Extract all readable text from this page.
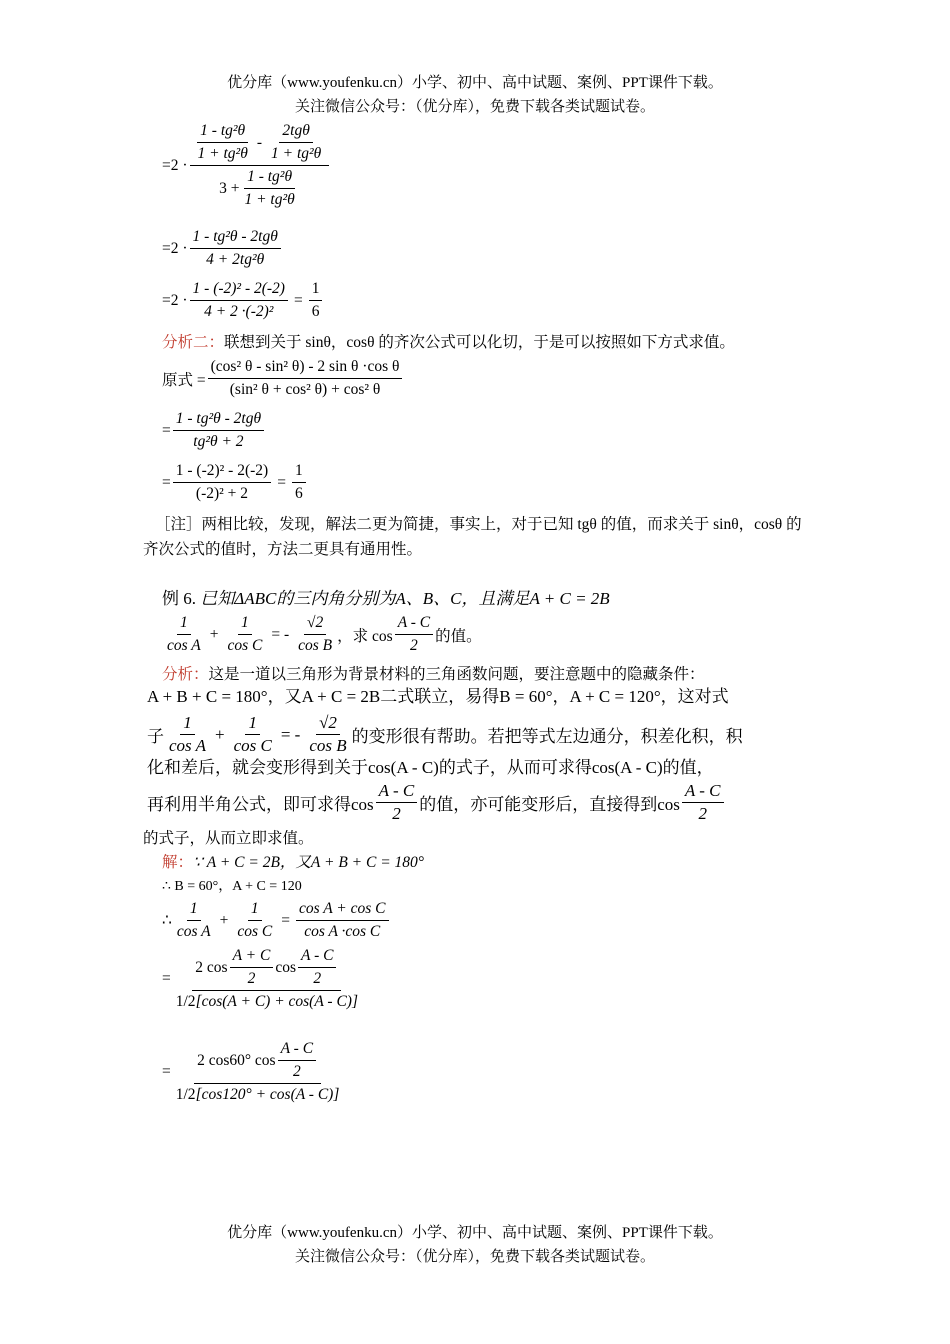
优分库（www.youfenku.cn）小学、初中、高中试题、案例、PPT课件下载。
关注微信公众号：（优分库），免费下载各类试题试卷。
$=2 \cdot \frac{\frac{\text{1 - tg²θ}}{\text{1 + tg²θ}} - \frac{\text{2tgθ}}{\text{1 + tg²θ}}}{3 + \frac{\text{1 - tg²θ}}{\text{1 + tg²θ}}}$
$=2 \cdot \frac{\text{1 - tg²θ - 2tgθ}}{\text{4 + 2tg²θ}}$
$=2 \cdot \frac{\text{1 - (-2)² - 2(-2)}}{\text{4 + 2 ·(-2)²}} = \frac{1}{6}$
分析二：联想到关于 sinθ，cosθ 的齐次公式可以化切，于是可以按照如下方式求值。
原式 = $\frac{\text{(cos² θ - sin² θ) - 2 sin θ ·cos θ}}{\text{(sin² θ + cos² θ) + cos² θ}}$
= $\frac{\text{1 - tg²θ - 2tgθ}}{\text{tg²θ + 2}}$
= $\frac{\text{1 - (-2)² - 2(-2)}}{\text{(-2)² + 2}} = \frac{1}{6}$
［注］两相比较，发现，解法二更为简捷，事实上，对于已知 tgθ 的值，而求关于 sinθ，cosθ 的
齐次公式的值时，方法二更具有通用性。
例 6. 已知ΔABC的三内角分别为A、B、C，且满足A + C = 2B
$\frac{1}{\text{cos A}} + \frac{1}{\text{cos C}}$ = - $\frac{√2}{\text{cos B}}$ ，求 $\cos \frac{A - C}{2}$ 的值。
分析：这是一道以三角形为背景材料的三角函数问题，要注意题中的隐藏条件：
A + B + C = 180°，又A + C = 2B二式联立，易得B = 60°，A + C = 120°，这对式
子 $\frac{1}{\text{cos A}} + \frac{1}{\text{cos C}}$ = - $\frac{√2}{\text{cos B}}$ 的变形很有帮助。若把等式左边通分，积差化积，积
化和差后，就会变形得到关于cos(A - C)的式子，从而可求得cos(A - C)的值，
再利用半角公式，即可求得$\cos \frac{A - C}{2}$ 的值，亦可能变形后，直接得到$\cos \frac{A - C}{2}$
的式子，从而立即求值。
解：∵ A + C = 2B，又A + B + C = 180°
∴ B = 60°，A + C = 120
∴ $\frac{1}{\text{cos A}} + \frac{1}{\text{cos C}} = \frac{\text{cos A + cos C}}{\text{cos A ·cos C}}$
= $\frac{2 \cos \frac{A + C}{2} \cos \frac{A - C}{2}}{1/2 [\cos(A + C) + \cos(A - C)]}$
= $\frac{2 \cos 60^\circ \cos \frac{A - C}{2}}{1/2 [\cos 120^\circ + \cos(A - C)]}$
优分库（www.youfenku.cn）小学、初中、高中试题、案例、PPT课件下载。
关注微信公众号：（优分库），免费下载各类试题试卷。
